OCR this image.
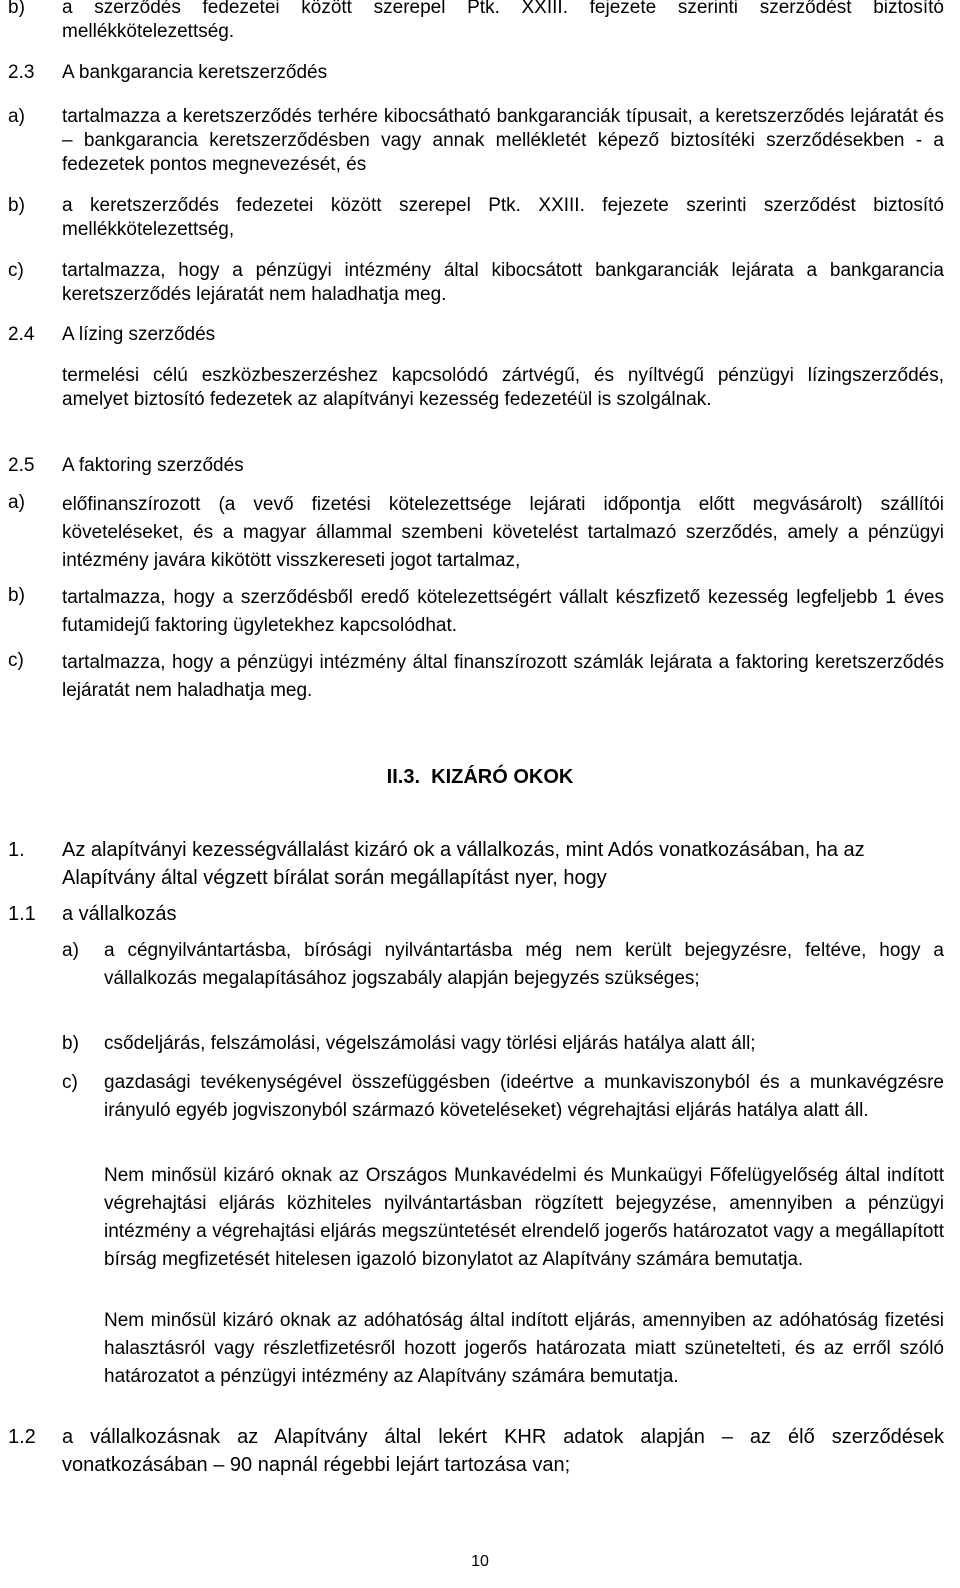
b) a szerződés fedezetei között szerepel Ptk. XXIII. fejezete szerinti szerződést biztosító mellékkötelezettség.
2.3 A bankgarancia keretszerződés
a) tartalmazza a keretszerződés terhére kibocsátható bankgaranciák típusait, a keretszerződés lejáratát és – bankgarancia keretszerződésben vagy annak mellékletét képező biztosítéki szerződésekben - a fedezetek pontos megnevezését, és
b) a keretszerződés fedezetei között szerepel Ptk. XXIII. fejezete szerinti szerződést biztosító mellékkötelezettség,
c) tartalmazza, hogy a pénzügyi intézmény által kibocsátott bankgaranciák lejárata a bankgarancia keretszerződés lejáratát nem haladhatja meg.
2.4 A lízing szerződés
termelési célú eszközbeszerzéshez kapcsolódó zártvégű, és nyíltvégű pénzügyi lízingszerződés, amelyet biztosító fedezetek az alapítványi kezesség fedezetéül is szolgálnak.
2.5 A faktoring szerződés
a) előfinanszírozott (a vevő fizetési kötelezettsége lejárati időpontja előtt megvásárolt) szállítói követeléseket, és a magyar állammal szembeni követelést tartalmazó szerződés, amely a pénzügyi intézmény javára kikötött visszkereseti jogot tartalmaz,
b) tartalmazza, hogy a szerződésből eredő kötelezettségért vállalt készfizető kezesség legfeljebb 1 éves futamidejű faktoring ügyletekhez kapcsolódhat.
c) tartalmazza, hogy a pénzügyi intézmény által finanszírozott számlák lejárata a faktoring keretszerződés lejáratát nem haladhatja meg.
II.3.  KIZÁRÓ OKOK
1. Az alapítványi kezességvállalást kizáró ok a vállalkozás, mint Adós vonatkozásában, ha az Alapítvány által végzett bírálat során megállapítást nyer, hogy
1.1 a vállalkozás
a) a cégnyilvántartásba, bírósági nyilvántartásba még nem került bejegyzésre, feltéve, hogy a vállalkozás megalapításához jogszabály alapján bejegyzés szükséges;
b) csődeljárás, felszámolási, végelszámolási vagy törlési eljárás hatálya alatt áll;
c) gazdasági tevékenységével összefüggésben (ideértve a munkaviszonyból és a munkavégzésre irányuló egyéb jogviszonyból származó követeléseket) végrehajtási eljárás hatálya alatt áll.
Nem minősül kizáró oknak az Országos Munkavédelmi és Munkaügyi Főfelügyelőség által indított végrehajtási eljárás közhiteles nyilvántartásban rögzített bejegyzése, amennyiben a pénzügyi intézmény a végrehajtási eljárás megszüntetését elrendelő jogerős határozatot vagy a megállapított bírság megfizetését hitelesen igazoló bizonylatot az Alapítvány számára bemutatja.
Nem minősül kizáró oknak az adóhatóság által indított eljárás, amennyiben az adóhatóság fizetési halasztásról vagy részletfizetésről hozott jogerős határozata miatt szünetelteti, és az erről szóló határozatot a pénzügyi intézmény az Alapítvány számára bemutatja.
1.2 a vállalkozásnak az Alapítvány által lekért KHR adatok alapján – az élő szerződések vonatkozásában – 90 napnál régebbi lejárt tartozása van;
10
